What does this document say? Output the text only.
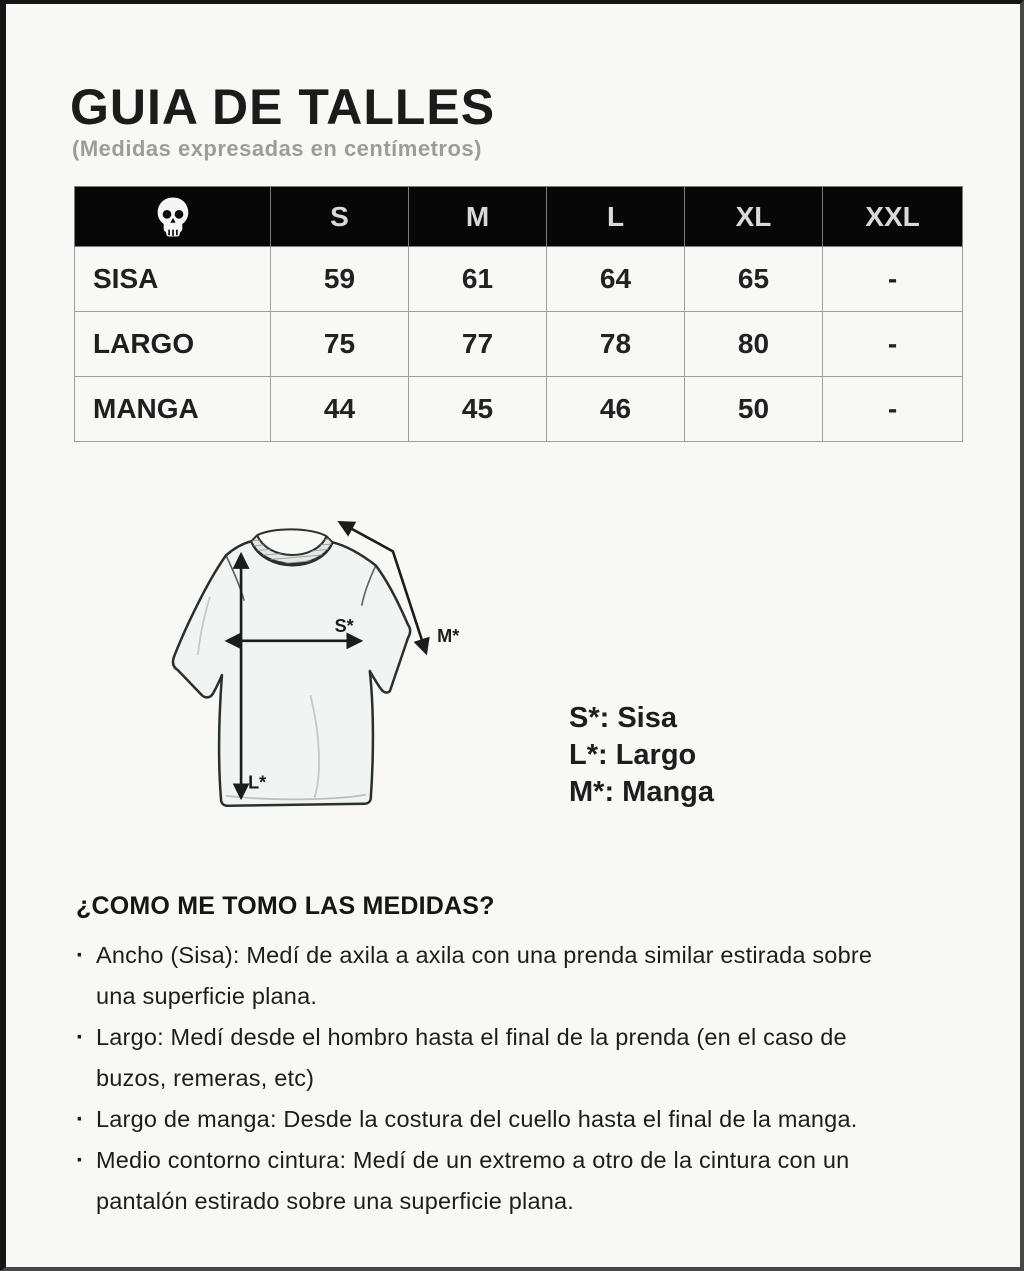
GUIA DE TALLES
(Medidas expresadas en centímetros)
	S	M	L	XL	XXL
SISA	59	61	64	65	-
LARGO	75	77	78	80	-
MANGA	44	45	46	50	-
S*
L*
M*
S*: Sisa
L*: Largo
M*: Manga
¿COMO ME TOMO LAS MEDIDAS?
· Ancho (Sisa): Medí de axila a axila con una prenda similar estirada sobre
una superficie plana.
· Largo: Medí desde el hombro hasta el final de la prenda (en el caso de
buzos, remeras, etc)
· Largo de manga: Desde la costura del cuello hasta el final de la manga.
· Medio contorno cintura: Medí de un extremo a otro de la cintura con un
pantalón estirado sobre una superficie plana.
